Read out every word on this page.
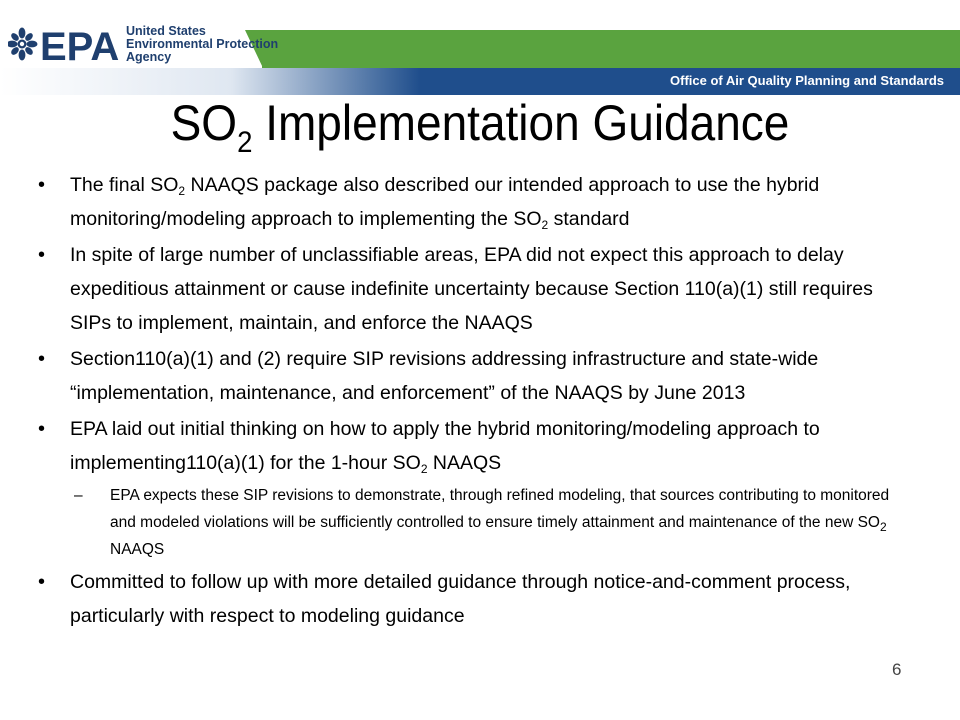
Office of Air Quality Planning and Standards
EPA United States
Environmental Protection
Agency
$SO_2$ Implementation Guidance
• The final $SO_2$ NAAQS package also described our intended approach to use the hybrid monitoring/modeling approach to implementing the $SO_2$ standard
• In spite of large number of unclassifiable areas, EPA did not expect this approach to delay expeditious attainment or cause indefinite uncertainty because Section 110(a)(1) still requires SIPs to implement, maintain, and enforce the NAAQS
• Section110(a)(1) and (2) require SIP revisions addressing infrastructure and state-wide “implementation, maintenance, and enforcement” of the NAAQS by June 2013
• EPA laid out initial thinking on how to apply the hybrid monitoring/modeling approach to implementing110(a)(1) for the 1-hour $SO_2$ NAAQS
– EPA expects these SIP revisions to demonstrate, through refined modeling, that sources contributing to monitored and modeled violations will be sufficiently controlled to ensure timely attainment and maintenance of the new $SO_2$ NAAQS
• Committed to follow up with more detailed guidance through notice-and-comment process, particularly with respect to modeling guidance
6
